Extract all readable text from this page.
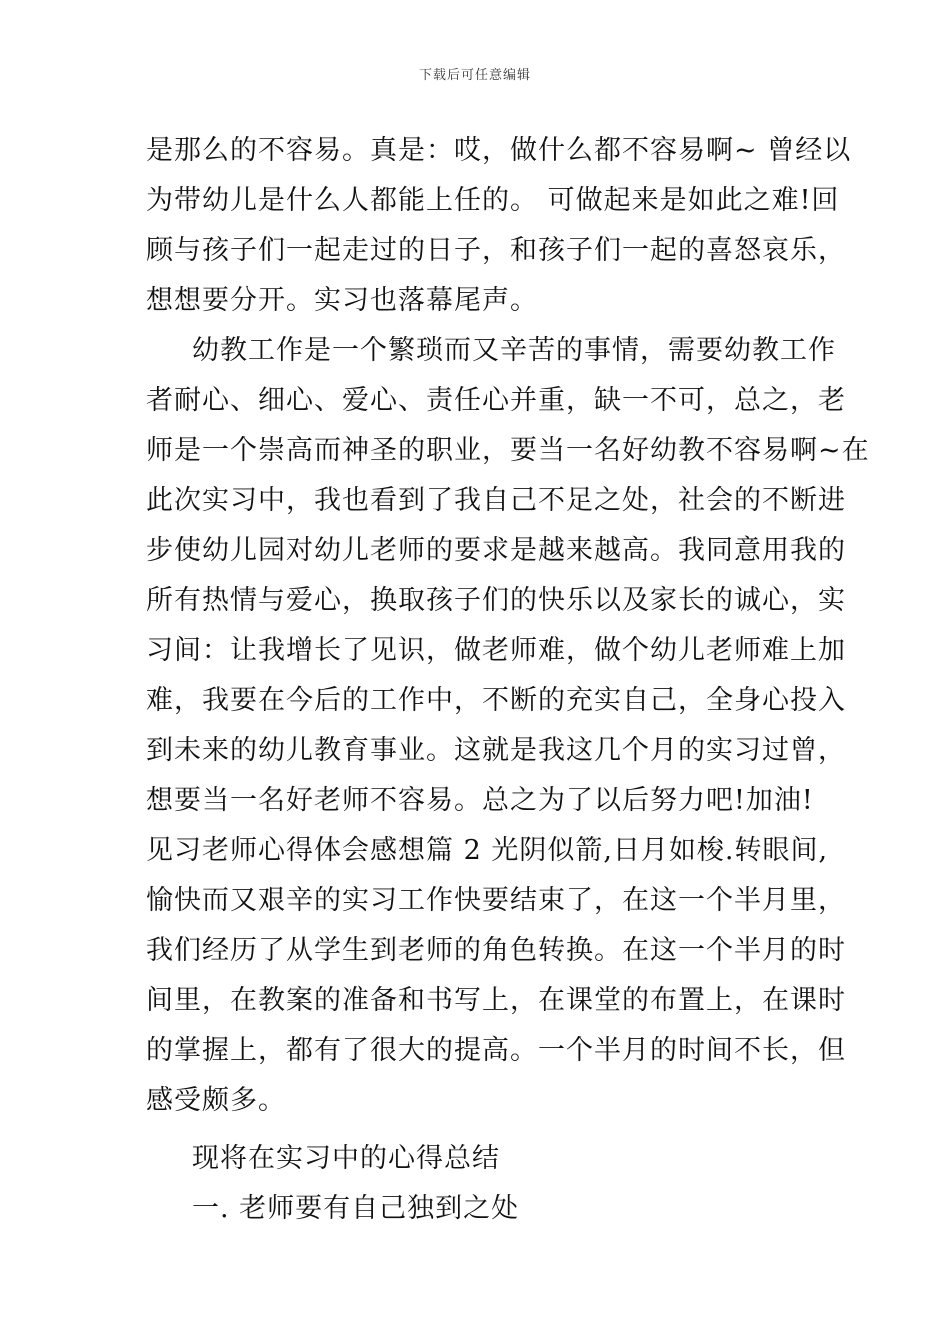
下载后可任意编辑
是那么的不容易。真是：哎，做什么都不容易啊~ 曾经以
为带幼儿是什么人都能上任的。 可做起来是如此之难!回
顾与孩子们一起走过的日子，和孩子们一起的喜怒哀乐，
想想要分开。实习也落幕尾声。
幼教工作是一个繁琐而又辛苦的事情，需要幼教工作
者耐心、细心、爱心、责任心并重，缺一不可，总之，老
师是一个崇高而神圣的职业，要当一名好幼教不容易啊~在
此次实习中，我也看到了我自己不足之处，社会的不断进
步使幼儿园对幼儿老师的要求是越来越高。我同意用我的
所有热情与爱心，换取孩子们的快乐以及家长的诚心，实
习间：让我增长了见识，做老师难，做个幼儿老师难上加
难，我要在今后的工作中，不断的充实自己，全身心投入
到未来的幼儿教育事业。这就是我这几个月的实习过曾，
想要当一名好老师不容易。总之为了以后努力吧!加油!
见习老师心得体会感想篇 2 光阴似箭,日月如梭.转眼间,
愉快而又艰辛的实习工作快要结束了，在这一个半月里，
我们经历了从学生到老师的角色转换。在这一个半月的时
间里，在教案的准备和书写上，在课堂的布置上，在课时
的掌握上，都有了很大的提高。一个半月的时间不长，但
感受颇多。
现将在实习中的心得总结
一. 老师要有自己独到之处
